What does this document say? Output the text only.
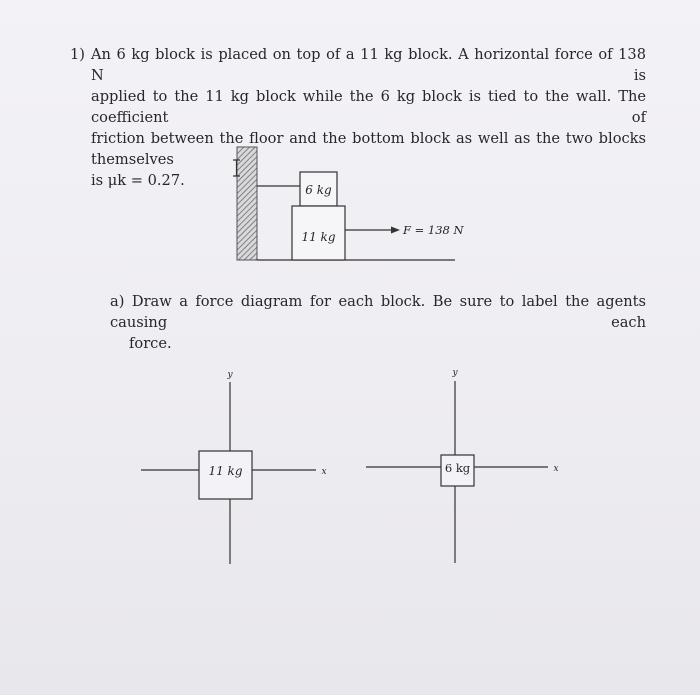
1) An 6 kg block is placed on top of a 11 kg block. A horizontal force of 138 N is
applied to the 11 kg block while the 6 kg block is tied to the wall. The coefficient of
friction between the floor and the bottom block as well as the two blocks themselves
is μk = 0.27.
6 kg
11 kg	F = 138 N
11 kg
y
x	6 kg
y
x
a) Draw a force diagram for each block. Be sure to label the agents causing each
force.
